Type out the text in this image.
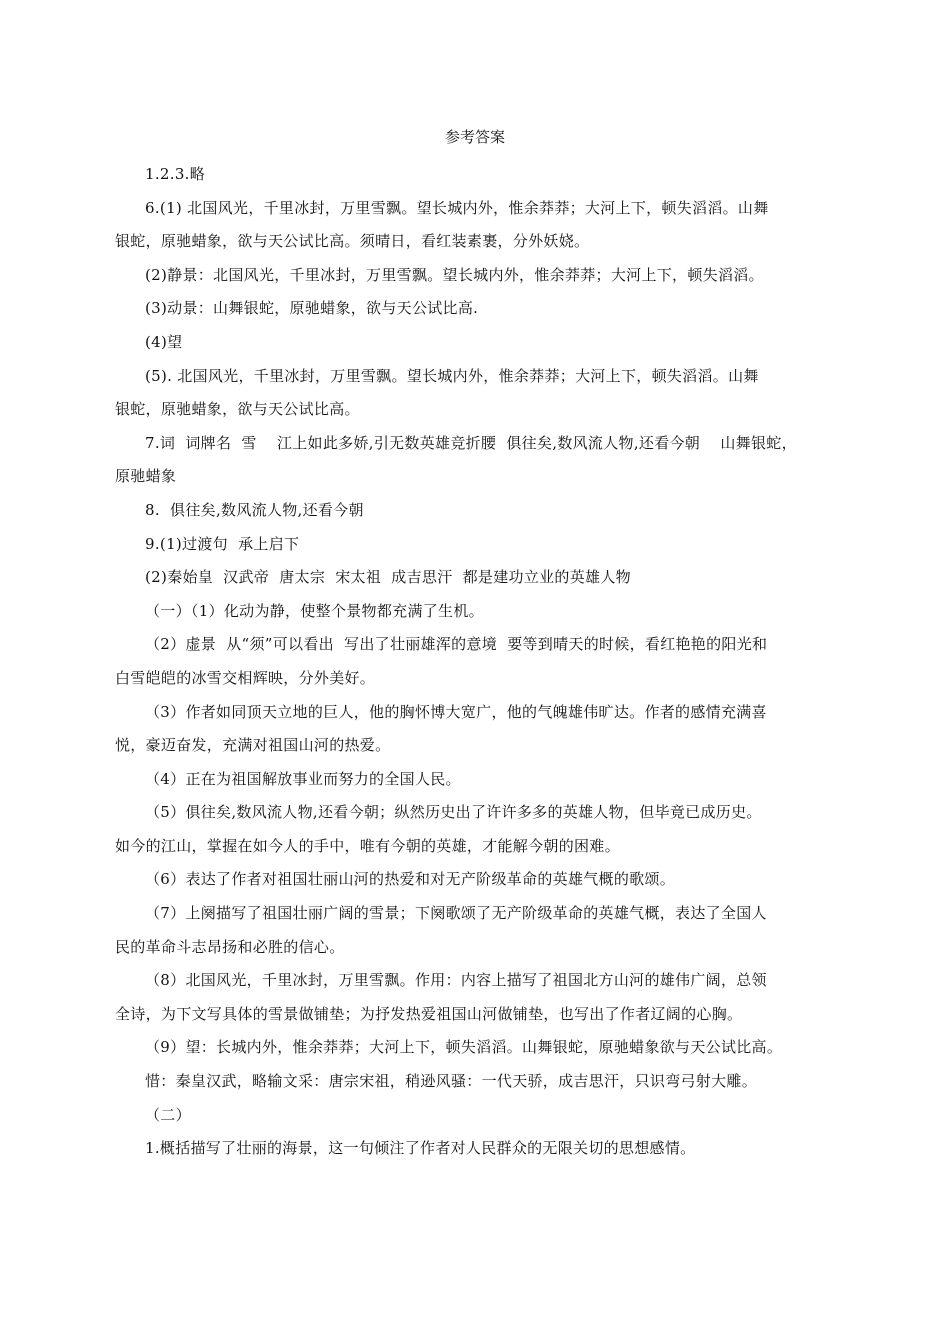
参考答案

1.2.3.略

6.(1) 北国风光，千里冰封，万里雪飘。望长城内外，惟余莽莽；大河上下，顿失滔滔。山舞

银蛇，原驰蜡象，欲与天公试比高。须晴日，看红装素裹，分外妖娆。

(2)静景：北国风光，千里冰封，万里雪飘。望长城内外，惟余莽莽；大河上下，顿失滔滔。

(3)动景：山舞银蛇，原驰蜡象，欲与天公试比高.

(4)望

(5). 北国风光，千里冰封，万里雪飘。望长城内外，惟余莽莽；大河上下，顿失滔滔。山舞

银蛇，原驰蜡象，欲与天公试比高。

7.词  词牌名  雪    江上如此多娇,引无数英雄竞折腰  俱往矣,数风流人物,还看今朝    山舞银蛇，

原驰蜡象

8.  俱往矣,数风流人物,还看今朝

9.(1)过渡句  承上启下

(2)秦始皇  汉武帝  唐太宗  宋太祖  成吉思汗  都是建功立业的英雄人物

（一）（1）化动为静，使整个景物都充满了生机。

（2）虚景  从“须”可以看出  写出了壮丽雄浑的意境  要等到晴天的时候，看红艳艳的阳光和

白雪皑皑的冰雪交相辉映，分外美好。

（3）作者如同顶天立地的巨人，他的胸怀博大宽广，他的气魄雄伟旷达。作者的感情充满喜

悦，豪迈奋发，充满对祖国山河的热爱。

（4）正在为祖国解放事业而努力的全国人民。

（5）俱往矣,数风流人物,还看今朝；纵然历史出了许许多多的英雄人物，但毕竟已成历史。

如今的江山，掌握在如今人的手中，唯有今朝的英雄，才能解今朝的困难。

（6）表达了作者对祖国壮丽山河的热爱和对无产阶级革命的英雄气概的歌颂。

（7）上阕描写了祖国壮丽广阔的雪景；下阕歌颂了无产阶级革命的英雄气概，表达了全国人

民的革命斗志昂扬和必胜的信心。

（8）北国风光，千里冰封，万里雪飘。作用：内容上描写了祖国北方山河的雄伟广阔，总领

全诗，为下文写具体的雪景做铺垫；为抒发热爱祖国山河做铺垫，也写出了作者辽阔的心胸。

（9）望：长城内外，惟余莽莽；大河上下，顿失滔滔。山舞银蛇，原驰蜡象欲与天公试比高。

惜：秦皇汉武，略输文采：唐宗宋祖，稍逊风骚：一代天骄，成吉思汗，只识弯弓射大雕。

（二）

1.概括描写了壮丽的海景，这一句倾注了作者对人民群众的无限关切的思想感情。
